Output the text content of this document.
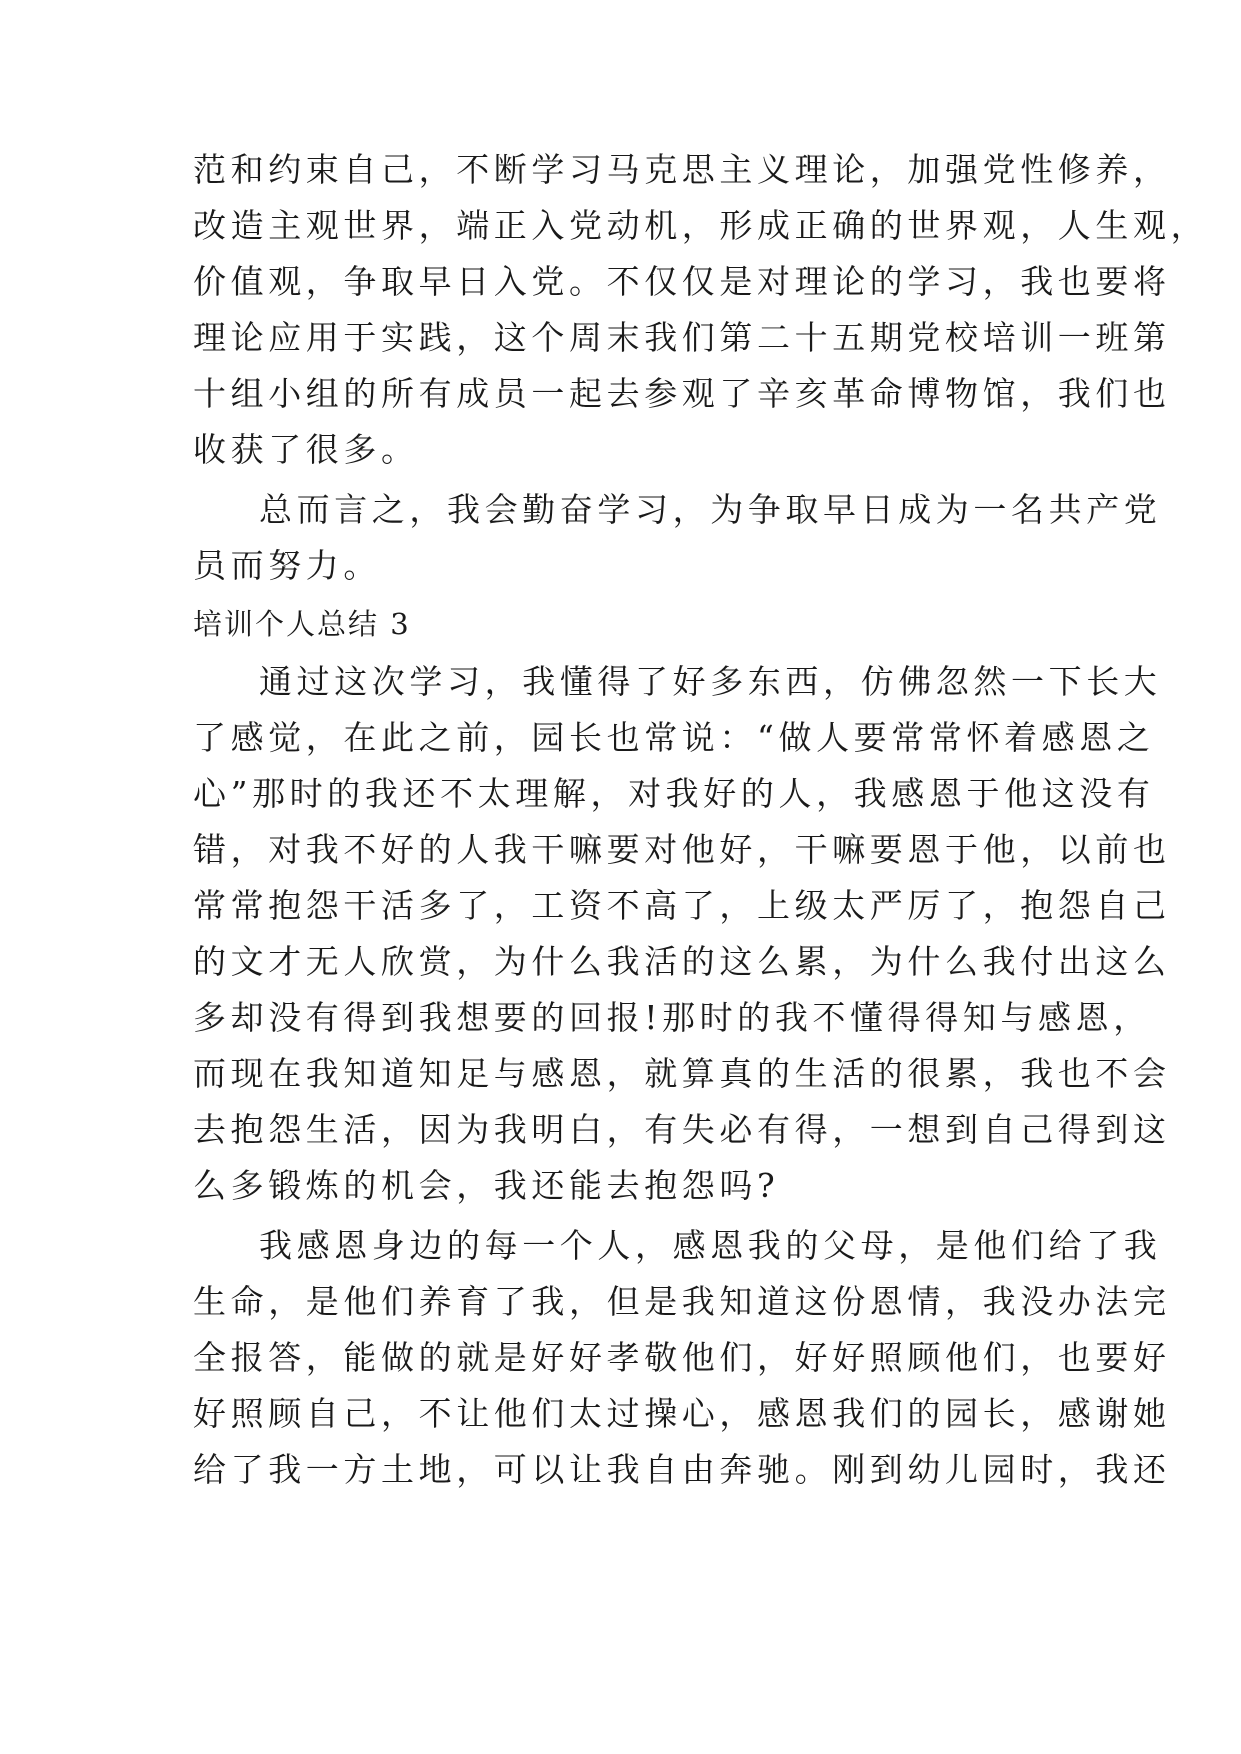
范和约束自己，不断学习马克思主义理论，加强党性修养，
改造主观世界，端正入党动机，形成正确的世界观，人生观，
价值观，争取早日入党。不仅仅是对理论的学习，我也要将
理论应用于实践，这个周末我们第二十五期党校培训一班第
十组小组的所有成员一起去参观了辛亥革命博物馆，我们也
收获了很多。
总而言之，我会勤奋学习，为争取早日成为一名共产党
员而努力。
培训个人总结 3
通过这次学习，我懂得了好多东西，仿佛忽然一下长大
了感觉，在此之前，园长也常说：“做人要常常怀着感恩之
心”那时的我还不太理解，对我好的人，我感恩于他这没有
错，对我不好的人我干嘛要对他好，干嘛要恩于他，以前也
常常抱怨干活多了，工资不高了，上级太严厉了，抱怨自己
的文才无人欣赏，为什么我活的这么累，为什么我付出这么
多却没有得到我想要的回报!那时的我不懂得得知与感恩，
而现在我知道知足与感恩，就算真的生活的很累，我也不会
去抱怨生活，因为我明白，有失必有得，一想到自己得到这
么多锻炼的机会，我还能去抱怨吗?
我感恩身边的每一个人，感恩我的父母，是他们给了我
生命，是他们养育了我，但是我知道这份恩情，我没办法完
全报答，能做的就是好好孝敬他们，好好照顾他们，也要好
好照顾自己，不让他们太过操心，感恩我们的园长，感谢她
给了我一方土地，可以让我自由奔驰。刚到幼儿园时，我还
